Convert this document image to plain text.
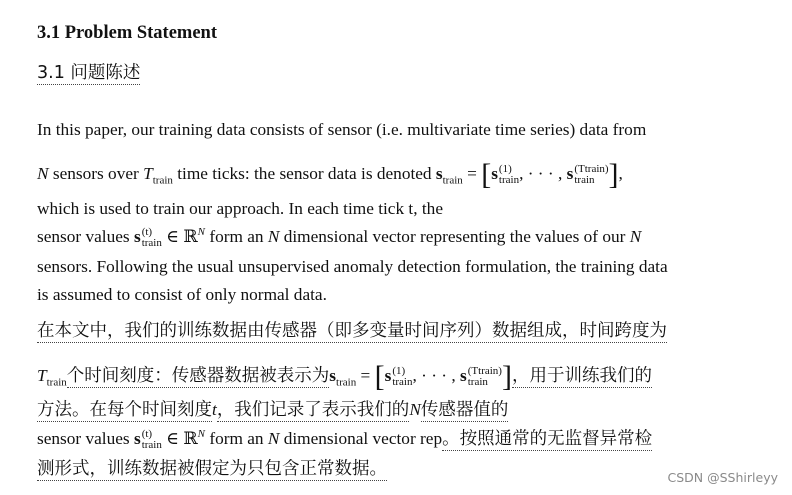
3.1 Problem Statement
3.1 问题陈述
In this paper, our training data consists of sensor (i.e. multivariate time series) data from
N sensors over $T_{train}$ time ticks: the sensor data is denoted $s_{train} = [s$ (1)
train , · · · , s (Ttrain)
train ],
which is used to train our approach. In each time tick t, the
sensor values s (t)
train ∈ ℝ$^N$ form an N dimensional vector representing the values of our N
sensors. Following the usual unsupervised anomaly detection formulation, the training data
is assumed to consist of only normal data.
在本文中，我们的训练数据由传感器（即多变量时间序列）数据组成，时间跨度为
$T_{train}$个时间刻度：传感器数据被表示为$s_{train} = [s$ (1)
train , · · · , s (Ttrain)
train ]，用于训练我们的
方法。在每个时间刻度t，我们记录了表示我们的N传感器值的
sensor values s (t)
train ∈ ℝ$^N$ form an N dimensional vector rep。按照通常的无监督异常检
测形式，训练数据被假定为只包含正常数据。	CSDN @SShirleyy
